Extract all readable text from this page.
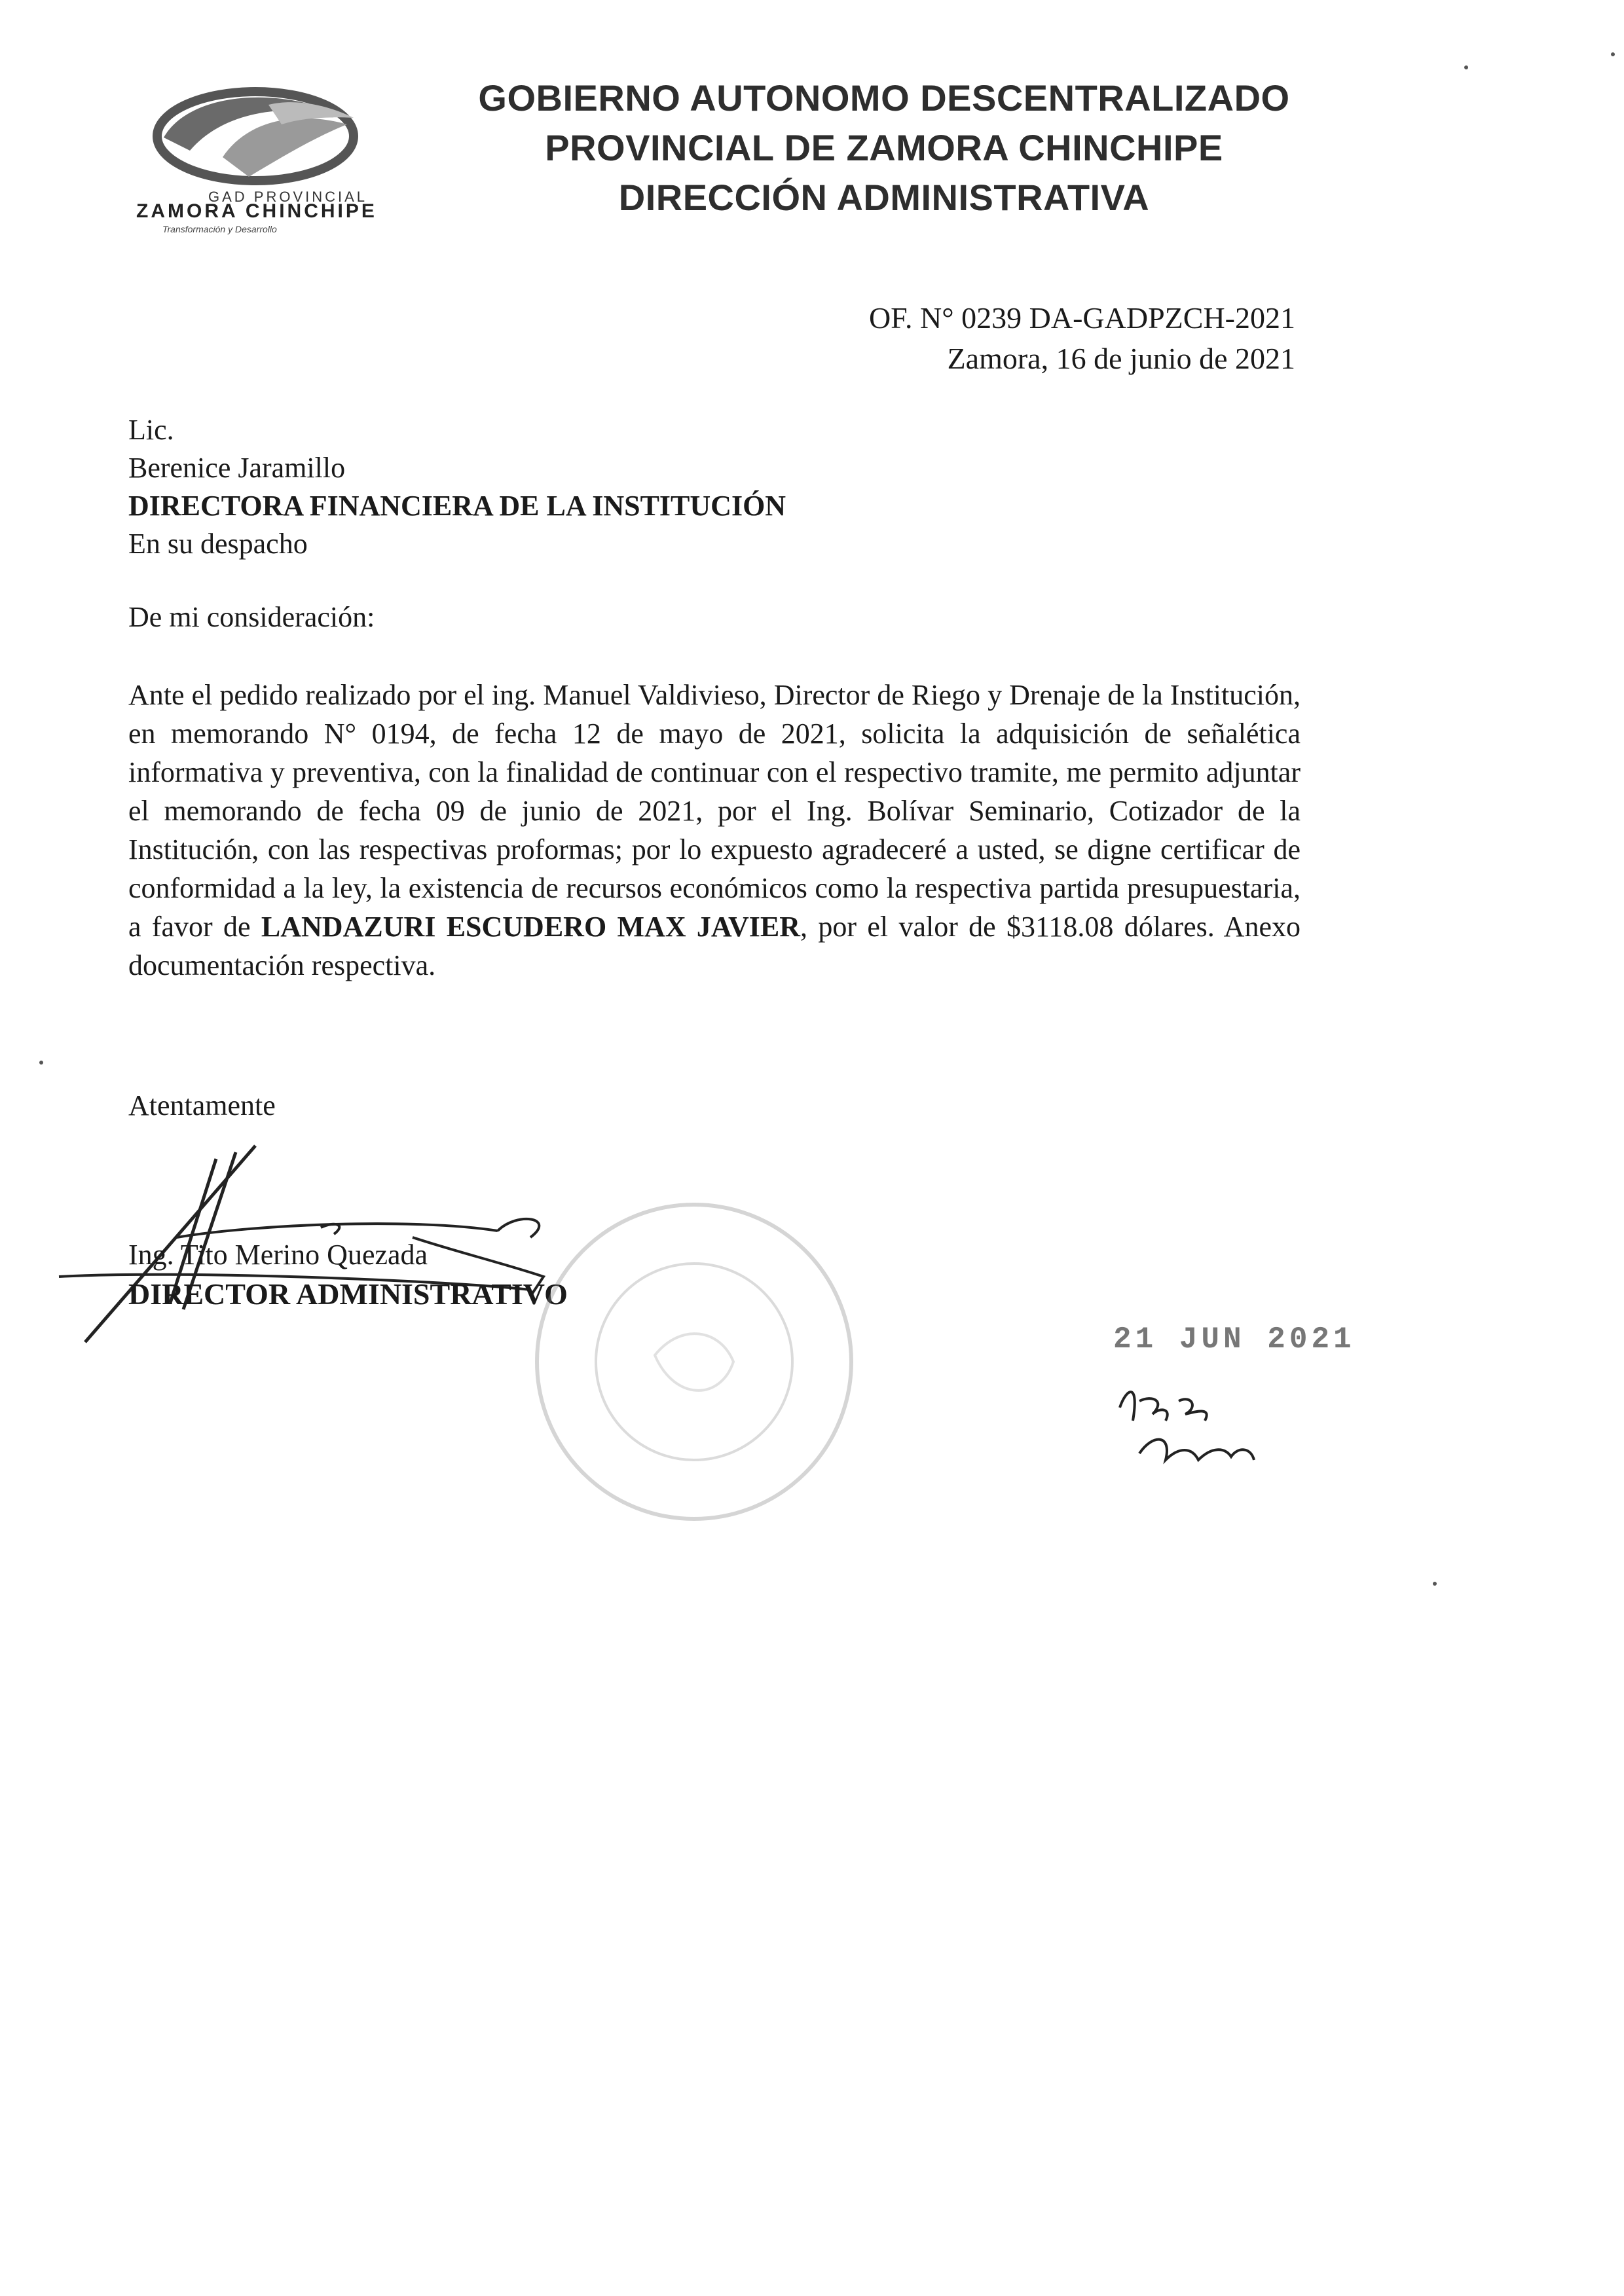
GAD PROVINCIAL
ZAMORA CHINCHIPE
Transformación y Desarrollo
GOBIERNO AUTONOMO DESCENTRALIZADO
PROVINCIAL DE ZAMORA CHINCHIPE
DIRECCIÓN ADMINISTRATIVA
OF. N° 0239 DA-GADPZCH-2021
Zamora, 16 de junio de 2021
Lic.
Berenice Jaramillo
DIRECTORA FINANCIERA DE LA INSTITUCIÓN
En su despacho
De mi consideración:
Ante el pedido realizado por el ing. Manuel Valdivieso, Director de Riego y Drenaje de la Institución, en memorando N° 0194, de fecha 12 de mayo de 2021, solicita la adquisición de señalética informativa y preventiva, con la finalidad de continuar con el respectivo tramite, me permito adjuntar el memorando de fecha 09 de junio de 2021, por el Ing. Bolívar Seminario, Cotizador de la Institución, con las respectivas proformas; por lo expuesto agradeceré a usted, se digne certificar de conformidad a la ley, la existencia de recursos económicos como la respectiva partida presupuestaria, a favor de LANDAZURI ESCUDERO MAX JAVIER, por el valor de $3118.08 dólares. Anexo documentación respectiva.
Atentamente
Ing. Tito Merino Quezada
DIRECTOR ADMINISTRATIVO
21 JUN 2021
